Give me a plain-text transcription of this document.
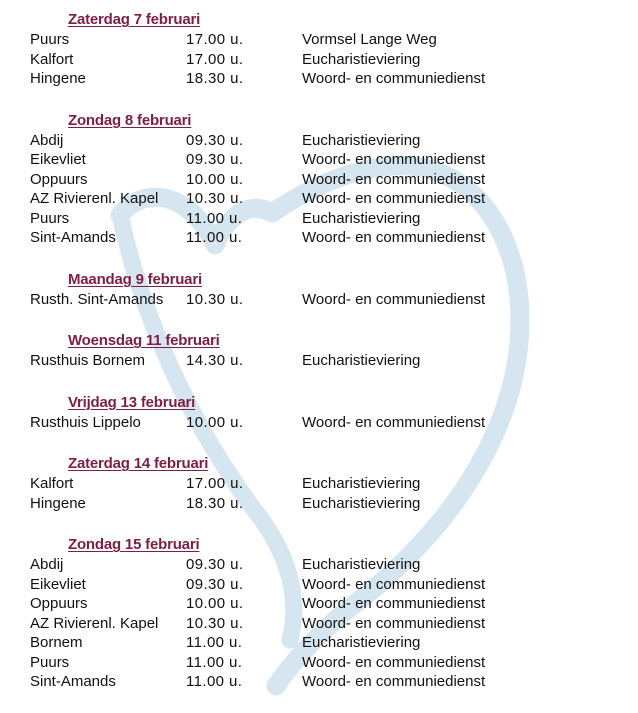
Zaterdag 7 februari
Puurs	17.00 u.	Vormsel Lange Weg
Kalfort	17.00 u.	Eucharistieviering
Hingene	18.30 u.	Woord- en communiedienst
Zondag 8 februari
Abdij	09.30 u.	Eucharistieviering
Eikevliet	09.30 u.	Woord- en communiedienst
Oppuurs	10.00 u.	Woord- en communiedienst
AZ Rivierenl. Kapel	10.30 u.	Woord- en communiedienst
Puurs	11.00 u.	Eucharistieviering
Sint-Amands	11.00 u.	Woord- en communiedienst
Maandag 9 februari
Rusth. Sint-Amands	10.30 u.	Woord- en communiedienst
Woensdag 11 februari
Rusthuis Bornem	14.30 u.	Eucharistieviering
Vrijdag 13 februari
Rusthuis Lippelo	10.00 u.	Woord- en communiedienst
Zaterdag 14 februari
Kalfort	17.00 u.	Eucharistieviering
Hingene	18.30 u.	Eucharistieviering
Zondag 15 februari
Abdij	09.30 u.	Eucharistieviering
Eikevliet	09.30 u.	Woord- en communiedienst
Oppuurs	10.00 u.	Woord- en communiedienst
AZ Rivierenl. Kapel	10.30 u.	Woord- en communiedienst
Bornem	11.00 u.	Eucharistieviering
Puurs	11.00 u.	Woord- en communiedienst
Sint-Amands	11.00 u.	Woord- en communiedienst
